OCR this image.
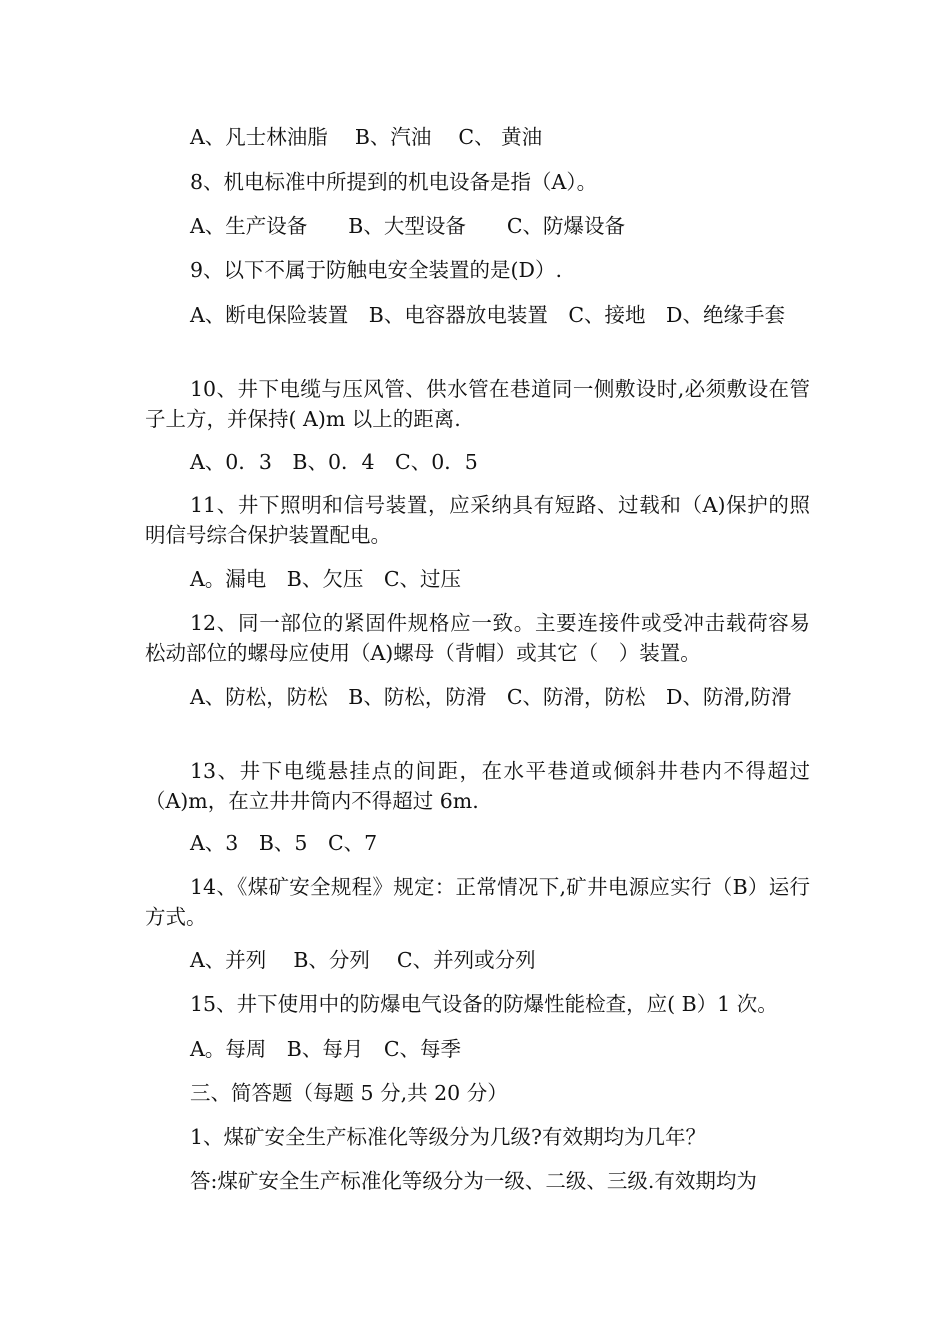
A、凡士林油脂　 B、汽油　 C、 黄油

8、机电标准中所提到的机电设备是指（A）。

A、生产设备　　B、大型设备　　C、防爆设备

9、以下不属于防触电安全装置的是(D）.

A、断电保险装置　B、电容器放电装置　C、接地　D、绝缘手套

10、井下电缆与压风管、供水管在巷道同一侧敷设时,必须敷设在管子上方，并保持( A)m 以上的距离.

A、0．3　B、0．4　C、0．5

11、井下照明和信号装置，应采纳具有短路、过载和（A)保护的照明信号综合保护装置配电。

A。漏电　B、欠压　C、过压

12、同一部位的紧固件规格应一致。主要连接件或受冲击载荷容易松动部位的螺母应使用（A)螺母（背帽）或其它（　）装置。

A、防松，防松　B、防松，防滑　C、防滑，防松　D、防滑,防滑

13、井下电缆悬挂点的间距，在水平巷道或倾斜井巷内不得超过（A)m，在立井井筒内不得超过 6m.

A、3　B、5　C、7

14、《煤矿安全规程》规定：正常情况下,矿井电源应实行（B）运行方式。

A、并列　 B、分列　 C、并列或分列

15、井下使用中的防爆电气设备的防爆性能检查，应( B）1 次。

A。每周　B、每月　C、每季

三、简答题（每题 5 分,共 20 分）

1、煤矿安全生产标准化等级分为几级?有效期均为几年？

答:煤矿安全生产标准化等级分为一级、二级、三级.有效期均为
